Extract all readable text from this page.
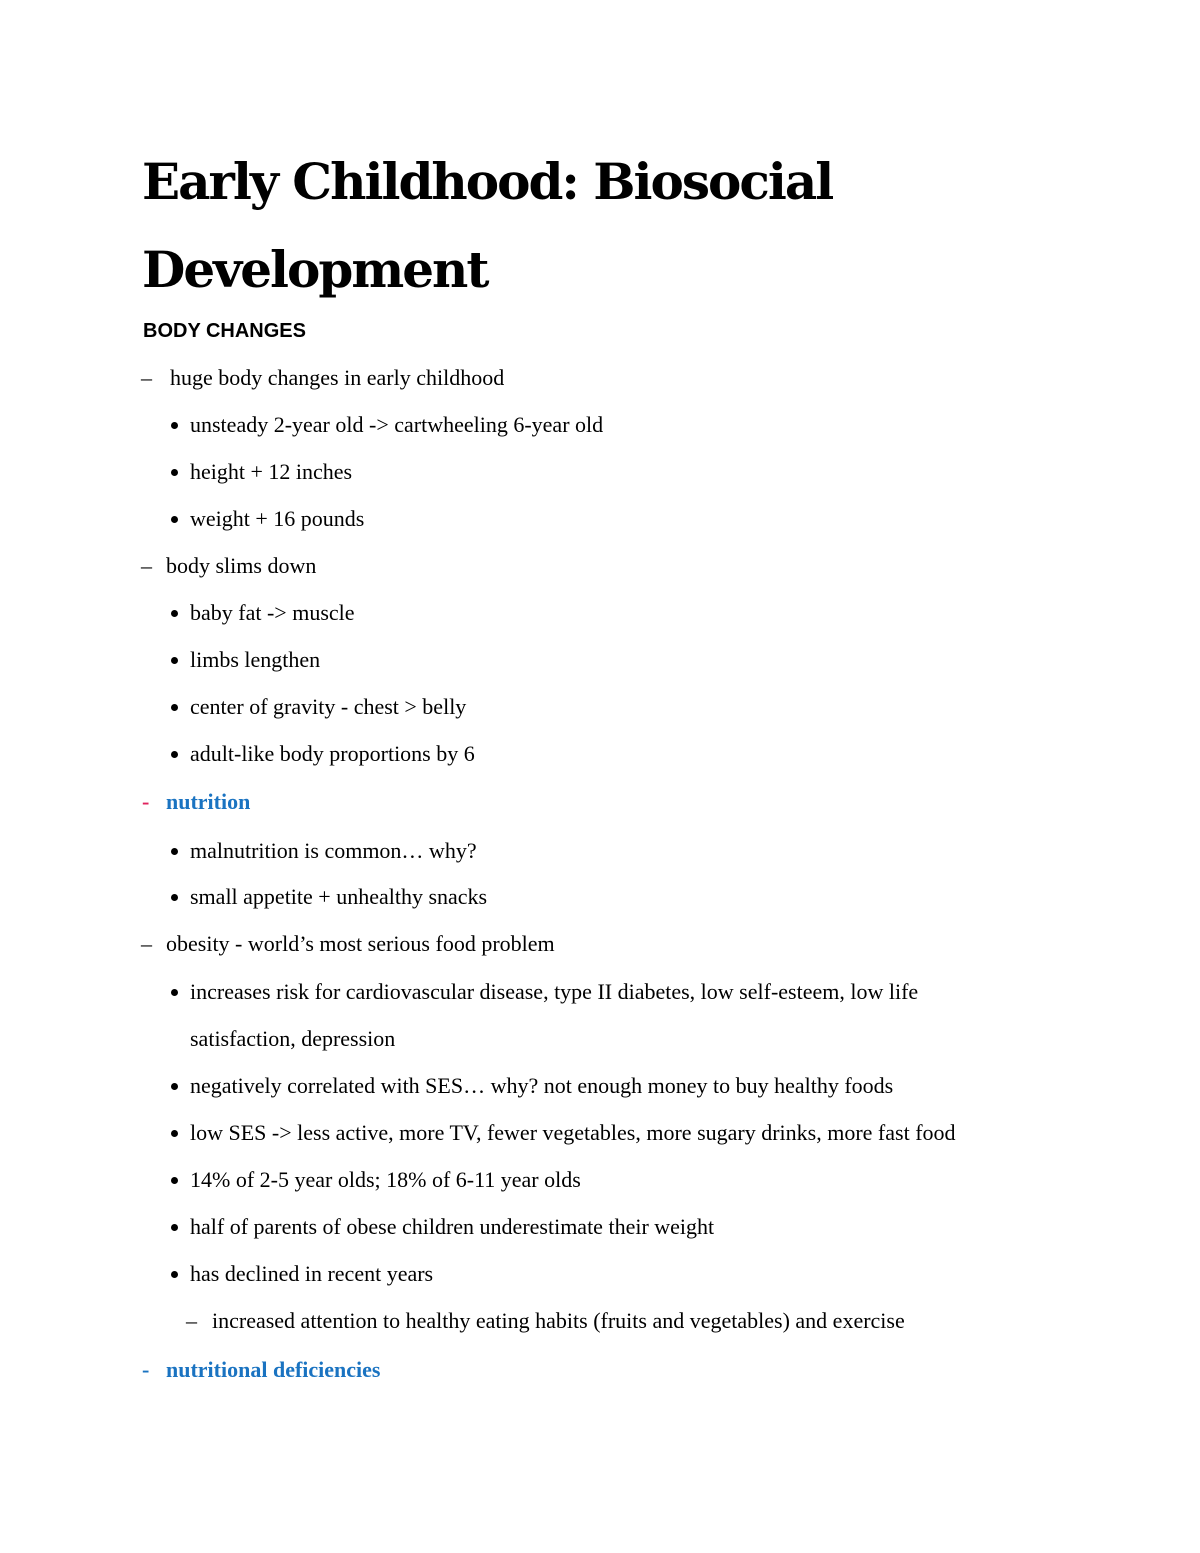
Early Childhood: Biosocial Development
BODY CHANGES
– huge body changes in early childhood
unsteady 2-year old -> cartwheeling 6-year old
height + 12 inches
weight + 16 pounds
– body slims down
baby fat -> muscle
limbs lengthen
center of gravity - chest > belly
adult-like body proportions by 6
- nutrition
malnutrition is common… why?
small appetite + unhealthy snacks
– obesity - world’s most serious food problem
increases risk for cardiovascular disease, type II diabetes, low self-esteem, low life
satisfaction, depression
negatively correlated with SES… why? not enough money to buy healthy foods
low SES -> less active, more TV, fewer vegetables, more sugary drinks, more fast food
14% of 2-5 year olds; 18% of 6-11 year olds
half of parents of obese children underestimate their weight
has declined in recent years
– increased attention to healthy eating habits (fruits and vegetables) and exercise
- nutritional deficiencies
